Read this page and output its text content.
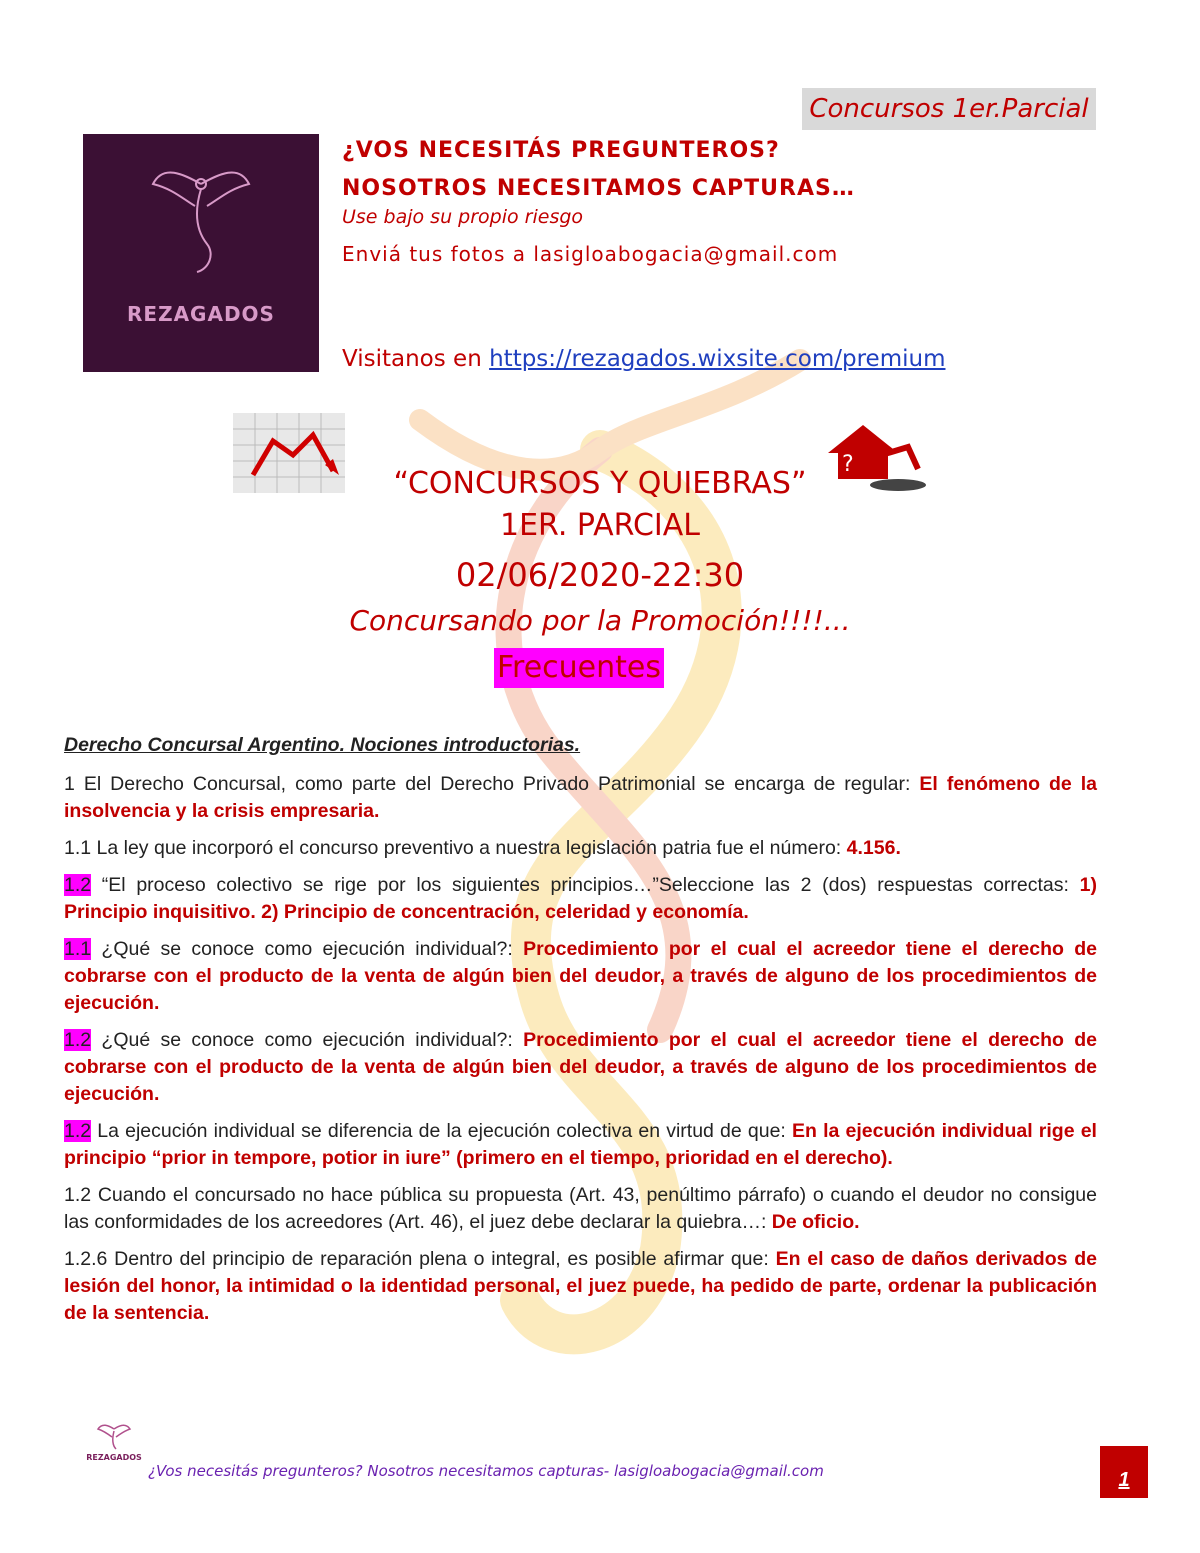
Concursos 1er.Parcial
REZAGADOS
¿VOS NECESITÁS PREGUNTEROS?
NOSOTROS NECESITAMOS CAPTURAS…
Use bajo su propio riesgo
Enviá tus fotos a lasigloabogacia@gmail.com
Visitanos en https://rezagados.wixsite.com/premium
?
“CONCURSOS Y QUIEBRAS”
1ER. PARCIAL
02/06/2020-22:30
Concursando por la Promoción!!!!...
Frecuentes
Derecho Concursal Argentino. Nociones introductorias.

1 El Derecho Concursal, como parte del Derecho Privado Patrimonial se encarga de regular: El fenómeno de la insolvencia y la crisis empresaria.

1.1 La ley que incorporó el concurso preventivo a nuestra legislación patria fue el número: 4.156.

1.2 “El proceso colectivo se rige por los siguientes principios…”Seleccione las 2 (dos) respuestas correctas: 1) Principio inquisitivo. 2) Principio de concentración, celeridad y economía.

1.1 ¿Qué se conoce como ejecución individual?: Procedimiento por el cual el acreedor tiene el derecho de cobrarse con el producto de la venta de algún bien del deudor, a través de alguno de los procedimientos de ejecución.

1.2 ¿Qué se conoce como ejecución individual?: Procedimiento por el cual el acreedor tiene el derecho de cobrarse con el producto de la venta de algún bien del deudor, a través de alguno de los procedimientos de ejecución.

1.2 La ejecución individual se diferencia de la ejecución colectiva en virtud de que: En la ejecución individual rige el principio “prior in tempore, potior in iure” (primero en el tiempo, prioridad en el derecho).

1.2 Cuando el concursado no hace pública su propuesta (Art. 43, penúltimo párrafo) o cuando el deudor no consigue las conformidades de los acreedores (Art. 46), el juez debe declarar la quiebra…: De oficio.

1.2.6 Dentro del principio de reparación plena o integral, es posible afirmar que: En el caso de daños derivados de lesión del honor, la intimidad o la identidad personal, el juez puede, ha pedido de parte, ordenar la publicación de la sentencia.

REZAGADOS
¿Vos necesitás pregunteros? Nosotros necesitamos capturas- lasigloabogacia@gmail.com	1
